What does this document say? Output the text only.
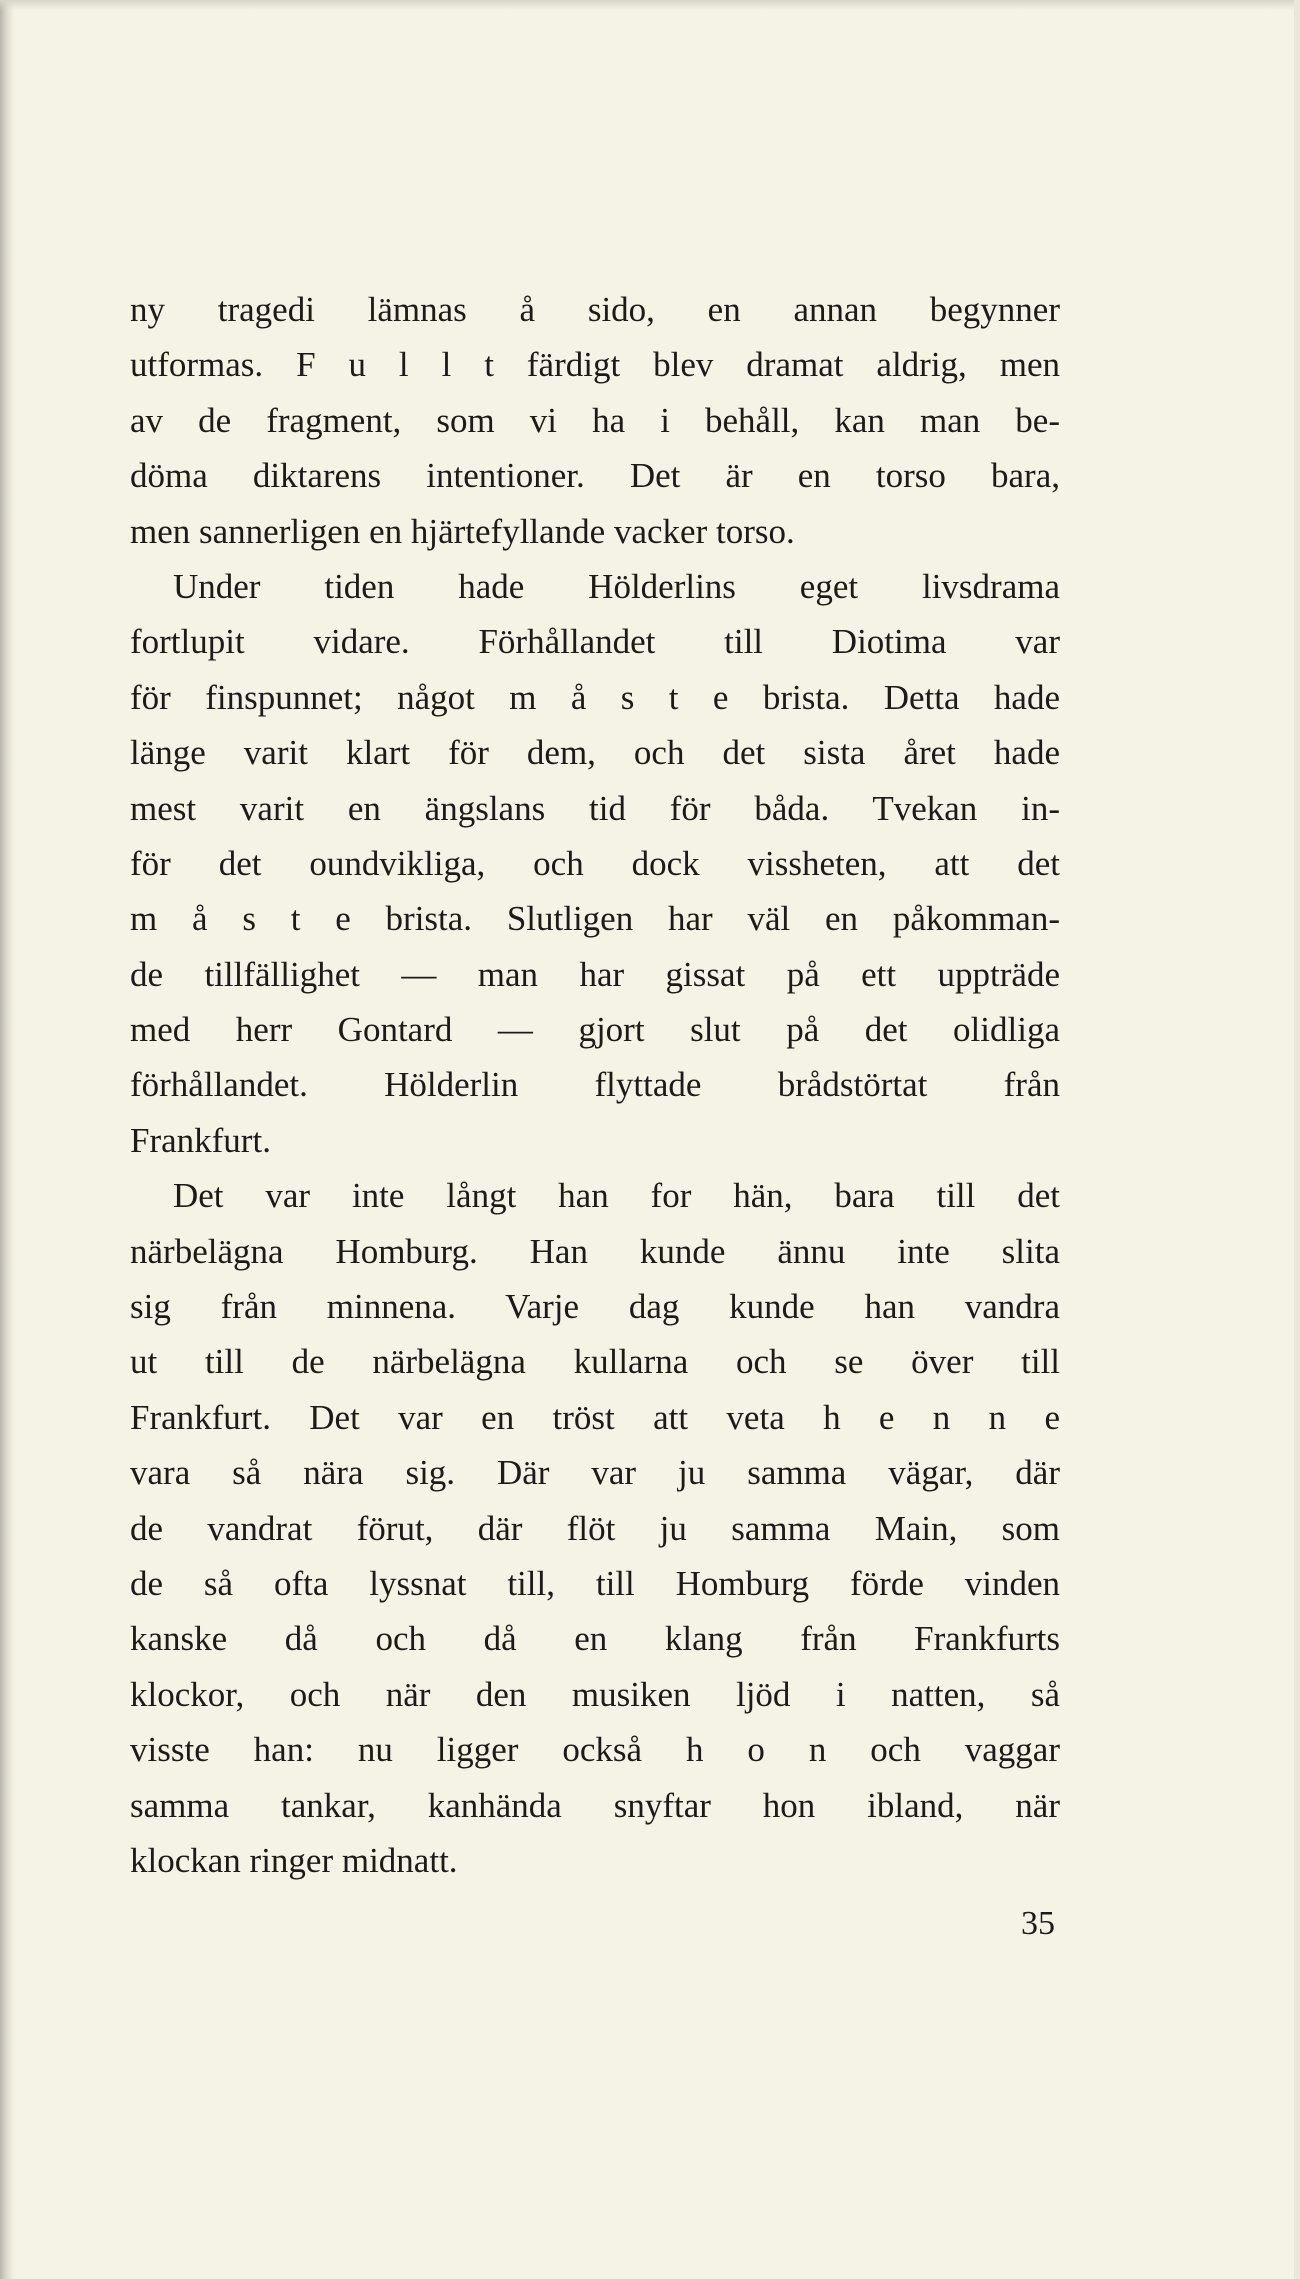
ny tragedi lämnas å sido, en annan begynner
utformas. F u l l t färdigt blev dramat aldrig, men
av de fragment, som vi ha i behåll, kan man be-
döma diktarens intentioner. Det är en torso bara,
men sannerligen en hjärtefyllande vacker torso.
Under tiden hade Hölderlins eget livsdrama
fortlupit vidare. Förhållandet till Diotima var
för finspunnet; något m å s t e brista. Detta hade
länge varit klart för dem, och det sista året hade
mest varit en ängslans tid för båda. Tvekan in-
för det oundvikliga, och dock vissheten, att det
m å s t e brista. Slutligen har väl en påkomman-
de tillfällighet — man har gissat på ett uppträde
med herr Gontard — gjort slut på det olidliga
förhållandet. Hölderlin flyttade brådstörtat från
Frankfurt.
Det var inte långt han for hän, bara till det
närbelägna Homburg. Han kunde ännu inte slita
sig från minnena. Varje dag kunde han vandra
ut till de närbelägna kullarna och se över till
Frankfurt. Det var en tröst att veta h e n n e
vara så nära sig. Där var ju samma vägar, där
de vandrat förut, där flöt ju samma Main, som
de så ofta lyssnat till, till Homburg förde vinden
kanske då och då en klang från Frankfurts
klockor, och när den musiken ljöd i natten, så
visste han: nu ligger också h o n och vaggar
samma tankar, kanhända snyftar hon ibland, när
klockan ringer midnatt.
35
